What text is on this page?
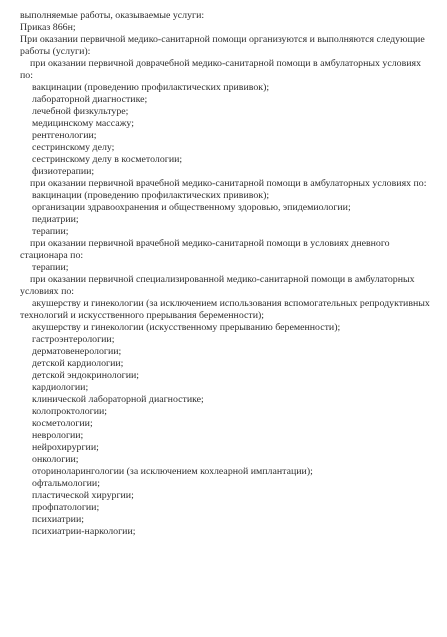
выполняемые работы, оказываемые услуги:
Приказ 866н;
При оказании первичной медико-санитарной помощи организуются и выполняются следующие
работы (услуги):
при оказании первичной доврачебной медико-санитарной помощи в амбулаторных условиях
по:
вакцинации (проведению профилактических прививок);
лабораторной диагностике;
лечебной физкультуре;
медицинскому массажу;
рентгенологии;
сестринскому делу;
сестринскому делу в косметологии;
физиотерапии;
при оказании первичной врачебной медико-санитарной помощи в амбулаторных условиях по:
вакцинации (проведению профилактических прививок);
организации здравоохранения и общественному здоровью, эпидемиологии;
педиатрии;
терапии;
при оказании первичной врачебной медико-санитарной помощи в условиях дневного
стационара по:
терапии;
при оказании первичной специализированной медико-санитарной помощи в амбулаторных
условиях по:
акушерству и гинекологии (за исключением использования вспомогательных репродуктивных
технологий и искусственного прерывания беременности);
акушерству и гинекологии (искусственному прерыванию беременности);
гастроэнтерологии;
дерматовенерологии;
детской кардиологии;
детской эндокринологии;
кардиологии;
клинической лабораторной диагностике;
колопроктологии;
косметологии;
неврологии;
нейрохирургии;
онкологии;
оториноларингологии (за исключением кохлеарной имплантации);
офтальмологии;
пластической хирургии;
профпатологии;
психиатрии;
психиатрии-наркологии;
